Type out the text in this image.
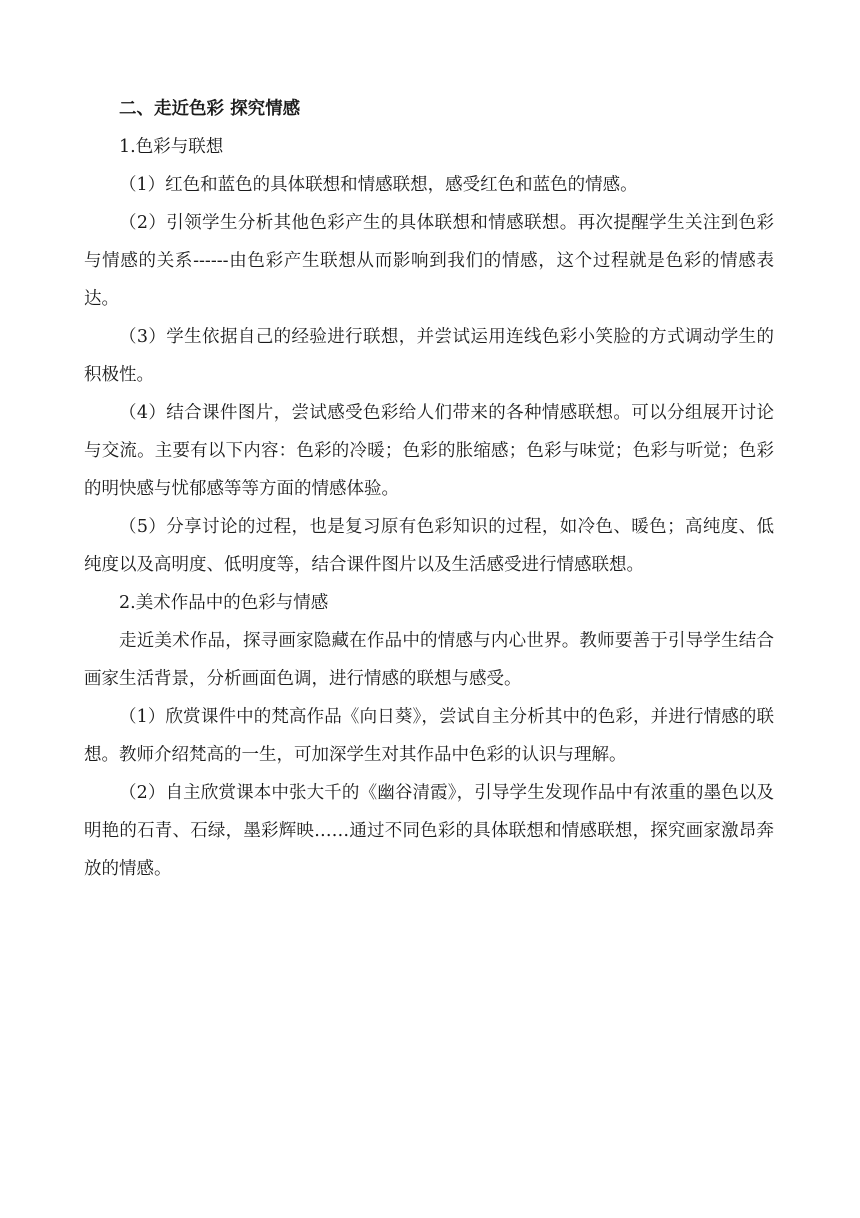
二、走近色彩 探究情感

1.色彩与联想

（1）红色和蓝色的具体联想和情感联想，感受红色和蓝色的情感。

（2）引领学生分析其他色彩产生的具体联想和情感联想。再次提醒学生关注到色彩与情感的关系------由色彩产生联想从而影响到我们的情感，这个过程就是色彩的情感表达。

（3）学生依据自己的经验进行联想，并尝试运用连线色彩小笑脸的方式调动学生的积极性。

（4）结合课件图片，尝试感受色彩给人们带来的各种情感联想。可以分组展开讨论与交流。主要有以下内容：色彩的冷暖；色彩的胀缩感；色彩与味觉；色彩与听觉；色彩的明快感与忧郁感等等方面的情感体验。

（5）分享讨论的过程，也是复习原有色彩知识的过程，如冷色、暖色；高纯度、低纯度以及高明度、低明度等，结合课件图片以及生活感受进行情感联想。

2.美术作品中的色彩与情感

走近美术作品，探寻画家隐藏在作品中的情感与内心世界。教师要善于引导学生结合画家生活背景，分析画面色调，进行情感的联想与感受。

（1）欣赏课件中的梵高作品《向日葵》，尝试自主分析其中的色彩，并进行情感的联想。教师介绍梵高的一生，可加深学生对其作品中色彩的认识与理解。

（2）自主欣赏课本中张大千的《幽谷清霞》，引导学生发现作品中有浓重的墨色以及明艳的石青、石绿，墨彩辉映……通过不同色彩的具体联想和情感联想，探究画家激昂奔放的情感。
